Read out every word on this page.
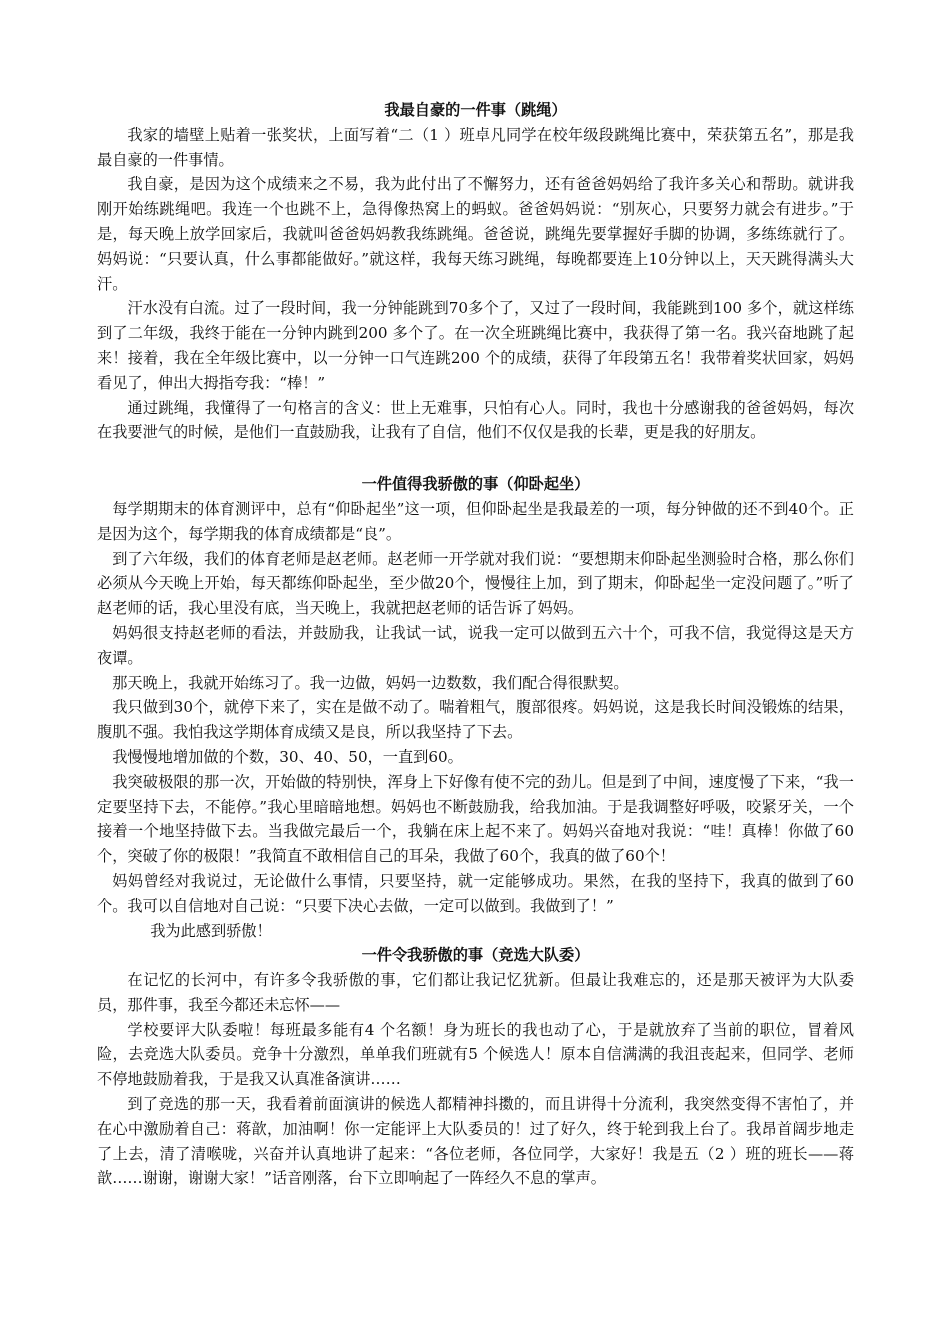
我最自豪的一件事（跳绳）

我家的墙壁上贴着一张奖状，上面写着“二（1 ）班卓凡同学在校年级段跳绳比赛中，荣获第五名”，那是我最自豪的一件事情。

我自豪，是因为这个成绩来之不易，我为此付出了不懈努力，还有爸爸妈妈给了我许多关心和帮助。就讲我刚开始练跳绳吧。我连一个也跳不上，急得像热窝上的蚂蚁。爸爸妈妈说：“别灰心，只要努力就会有进步。”于是，每天晚上放学回家后，我就叫爸爸妈妈教我练跳绳。爸爸说，跳绳先要掌握好手脚的协调，多练练就行了。妈妈说：“只要认真，什么事都能做好。”就这样，我每天练习跳绳，每晚都要连上10分钟以上，天天跳得满头大汗。

汗水没有白流。过了一段时间，我一分钟能跳到70多个了，又过了一段时间，我能跳到100 多个，就这样练到了二年级，我终于能在一分钟内跳到200 多个了。在一次全班跳绳比赛中，我获得了第一名。我兴奋地跳了起来！接着，我在全年级比赛中，以一分钟一口气连跳200 个的成绩，获得了年段第五名！我带着奖状回家，妈妈看见了，伸出大拇指夸我：“棒！”

通过跳绳，我懂得了一句格言的含义：世上无难事，只怕有心人。同时，我也十分感谢我的爸爸妈妈，每次在我要泄气的时候，是他们一直鼓励我，让我有了自信，他们不仅仅是我的长辈，更是我的好朋友。

一件值得我骄傲的事（仰卧起坐）

每学期期末的体育测评中，总有“仰卧起坐”这一项，但仰卧起坐是我最差的一项，每分钟做的还不到40个。正是因为这个，每学期我的体育成绩都是“良”。

到了六年级，我们的体育老师是赵老师。赵老师一开学就对我们说：“要想期末仰卧起坐测验时合格，那么你们必须从今天晚上开始，每天都练仰卧起坐，至少做20个，慢慢往上加，到了期末，仰卧起坐一定没问题了。”听了赵老师的话，我心里没有底，当天晚上，我就把赵老师的话告诉了妈妈。

妈妈很支持赵老师的看法，并鼓励我，让我试一试，说我一定可以做到五六十个，可我不信，我觉得这是天方夜谭。

那天晚上，我就开始练习了。我一边做，妈妈一边数数，我们配合得很默契。

我只做到30个，就停下来了，实在是做不动了。喘着粗气，腹部很疼。妈妈说，这是我长时间没锻炼的结果，腹肌不强。我怕我这学期体育成绩又是良，所以我坚持了下去。

我慢慢地增加做的个数，30、40、50，一直到60。

我突破极限的那一次，开始做的特别快，浑身上下好像有使不完的劲儿。但是到了中间，速度慢了下来，“我一定要坚持下去，不能停。”我心里暗暗地想。妈妈也不断鼓励我，给我加油。于是我调整好呼吸，咬紧牙关，一个接着一个地坚持做下去。当我做完最后一个，我躺在床上起不来了。妈妈兴奋地对我说：“哇！真棒！你做了60个，突破了你的极限！”我简直不敢相信自己的耳朵，我做了60个，我真的做了60个！

妈妈曾经对我说过，无论做什么事情，只要坚持，就一定能够成功。果然，在我的坚持下，我真的做到了60个。我可以自信地对自己说：“只要下决心去做，一定可以做到。我做到了！”

我为此感到骄傲！

一件令我骄傲的事（竞选大队委）

在记忆的长河中，有许多令我骄傲的事，它们都让我记忆犹新。但最让我难忘的，还是那天被评为大队委员，那件事，我至今都还未忘怀——

学校要评大队委啦！每班最多能有4 个名额！身为班长的我也动了心，于是就放弃了当前的职位，冒着风险，去竞选大队委员。竞争十分激烈，单单我们班就有5 个候选人！原本自信满满的我沮丧起来，但同学、老师不停地鼓励着我，于是我又认真准备演讲……

到了竞选的那一天，我看着前面演讲的候选人都精神抖擞的，而且讲得十分流利，我突然变得不害怕了，并在心中激励着自己：蒋歆，加油啊！你一定能评上大队委员的！过了好久，终于轮到我上台了。我昂首阔步地走了上去，清了清喉咙，兴奋并认真地讲了起来：“各位老师，各位同学，大家好！我是五（2 ）班的班长——蒋歆……谢谢，谢谢大家！”话音刚落，台下立即响起了一阵经久不息的掌声。
